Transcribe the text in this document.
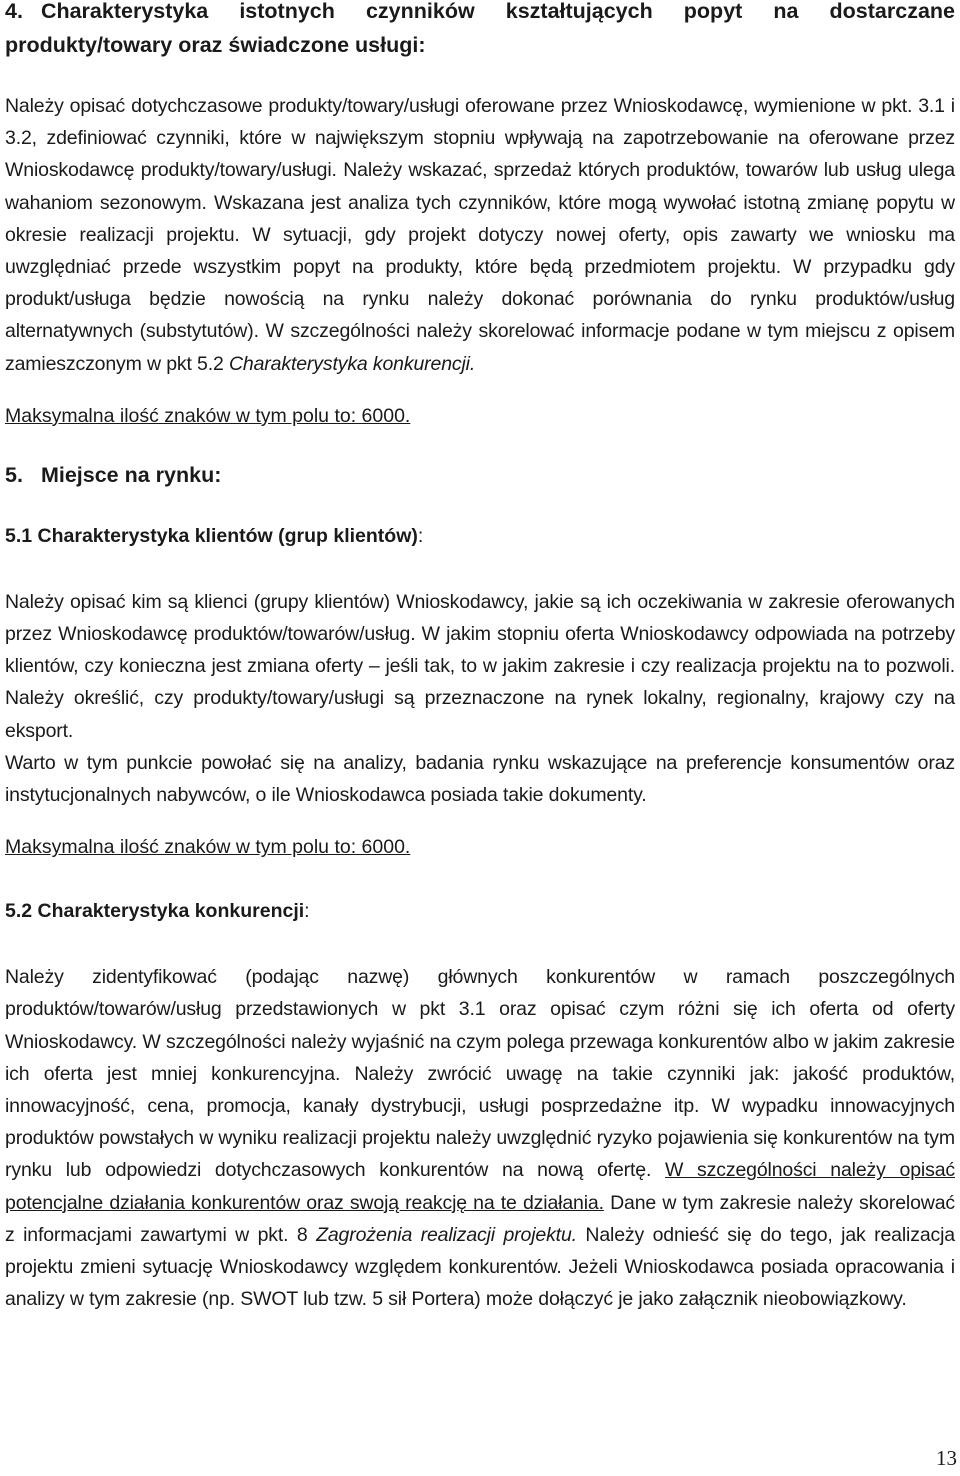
4. Charakterystyka istotnych czynników kształtujących popyt na dostarczane produkty/towary oraz świadczone usługi:

Należy opisać dotychczasowe produkty/towary/usługi oferowane przez Wnioskodawcę, wymienione w pkt. 3.1 i 3.2, zdefiniować czynniki, które w największym stopniu wpływają na zapotrzebowanie na oferowane przez Wnioskodawcę produkty/towary/usługi. Należy wskazać, sprzedaż których produktów, towarów lub usług ulega wahaniom sezonowym. Wskazana jest analiza tych czynników, które mogą wywołać istotną zmianę popytu w okresie realizacji projektu. W sytuacji, gdy projekt dotyczy nowej oferty, opis zawarty we wniosku ma uwzględniać przede wszystkim popyt na produkty, które będą przedmiotem projektu. W przypadku gdy produkt/usługa będzie nowością na rynku należy dokonać porównania do rynku produktów/usług alternatywnych (substytutów). W szczególności należy skorelować informacje podane w tym miejscu z opisem zamieszczonym w pkt 5.2 Charakterystyka konkurencji.

Maksymalna ilość znaków w tym polu to: 6000.

5. Miejsce na rynku:

5.1 Charakterystyka klientów (grup klientów):

Należy opisać kim są klienci (grupy klientów) Wnioskodawcy, jakie są ich oczekiwania w zakresie oferowanych przez Wnioskodawcę produktów/towarów/usług. W jakim stopniu oferta Wnioskodawcy odpowiada na potrzeby klientów, czy konieczna jest zmiana oferty – jeśli tak, to w jakim zakresie i czy realizacja projektu na to pozwoli. Należy określić, czy produkty/towary/usługi są przeznaczone na rynek lokalny, regionalny, krajowy czy na eksport.

Warto w tym punkcie powołać się na analizy, badania rynku wskazujące na preferencje konsumentów oraz instytucjonalnych nabywców, o ile Wnioskodawca posiada takie dokumenty.

Maksymalna ilość znaków w tym polu to: 6000.

5.2 Charakterystyka konkurencji:

Należy zidentyfikować (podając nazwę) głównych konkurentów w ramach poszczególnych produktów/towarów/usług przedstawionych w pkt 3.1 oraz opisać czym różni się ich oferta od oferty Wnioskodawcy. W szczególności należy wyjaśnić na czym polega przewaga konkurentów albo w jakim zakresie ich oferta jest mniej konkurencyjna. Należy zwrócić uwagę na takie czynniki jak: jakość produktów, innowacyjność, cena, promocja, kanały dystrybucji, usługi posprzedażne itp. W wypadku innowacyjnych produktów powstałych w wyniku realizacji projektu należy uwzględnić ryzyko pojawienia się konkurentów na tym rynku lub odpowiedzi dotychczasowych konkurentów na nową ofertę. W szczególności należy opisać potencjalne działania konkurentów oraz swoją reakcję na te działania. Dane w tym zakresie należy skorelować z informacjami zawartymi w pkt. 8 Zagrożenia realizacji projektu. Należy odnieść się do tego, jak realizacja projektu zmieni sytuację Wnioskodawcy względem konkurentów. Jeżeli Wnioskodawca posiada opracowania i analizy w tym zakresie (np. SWOT lub tzw. 5 sił Portera) może dołączyć je jako załącznik nieobowiązkowy.

13
